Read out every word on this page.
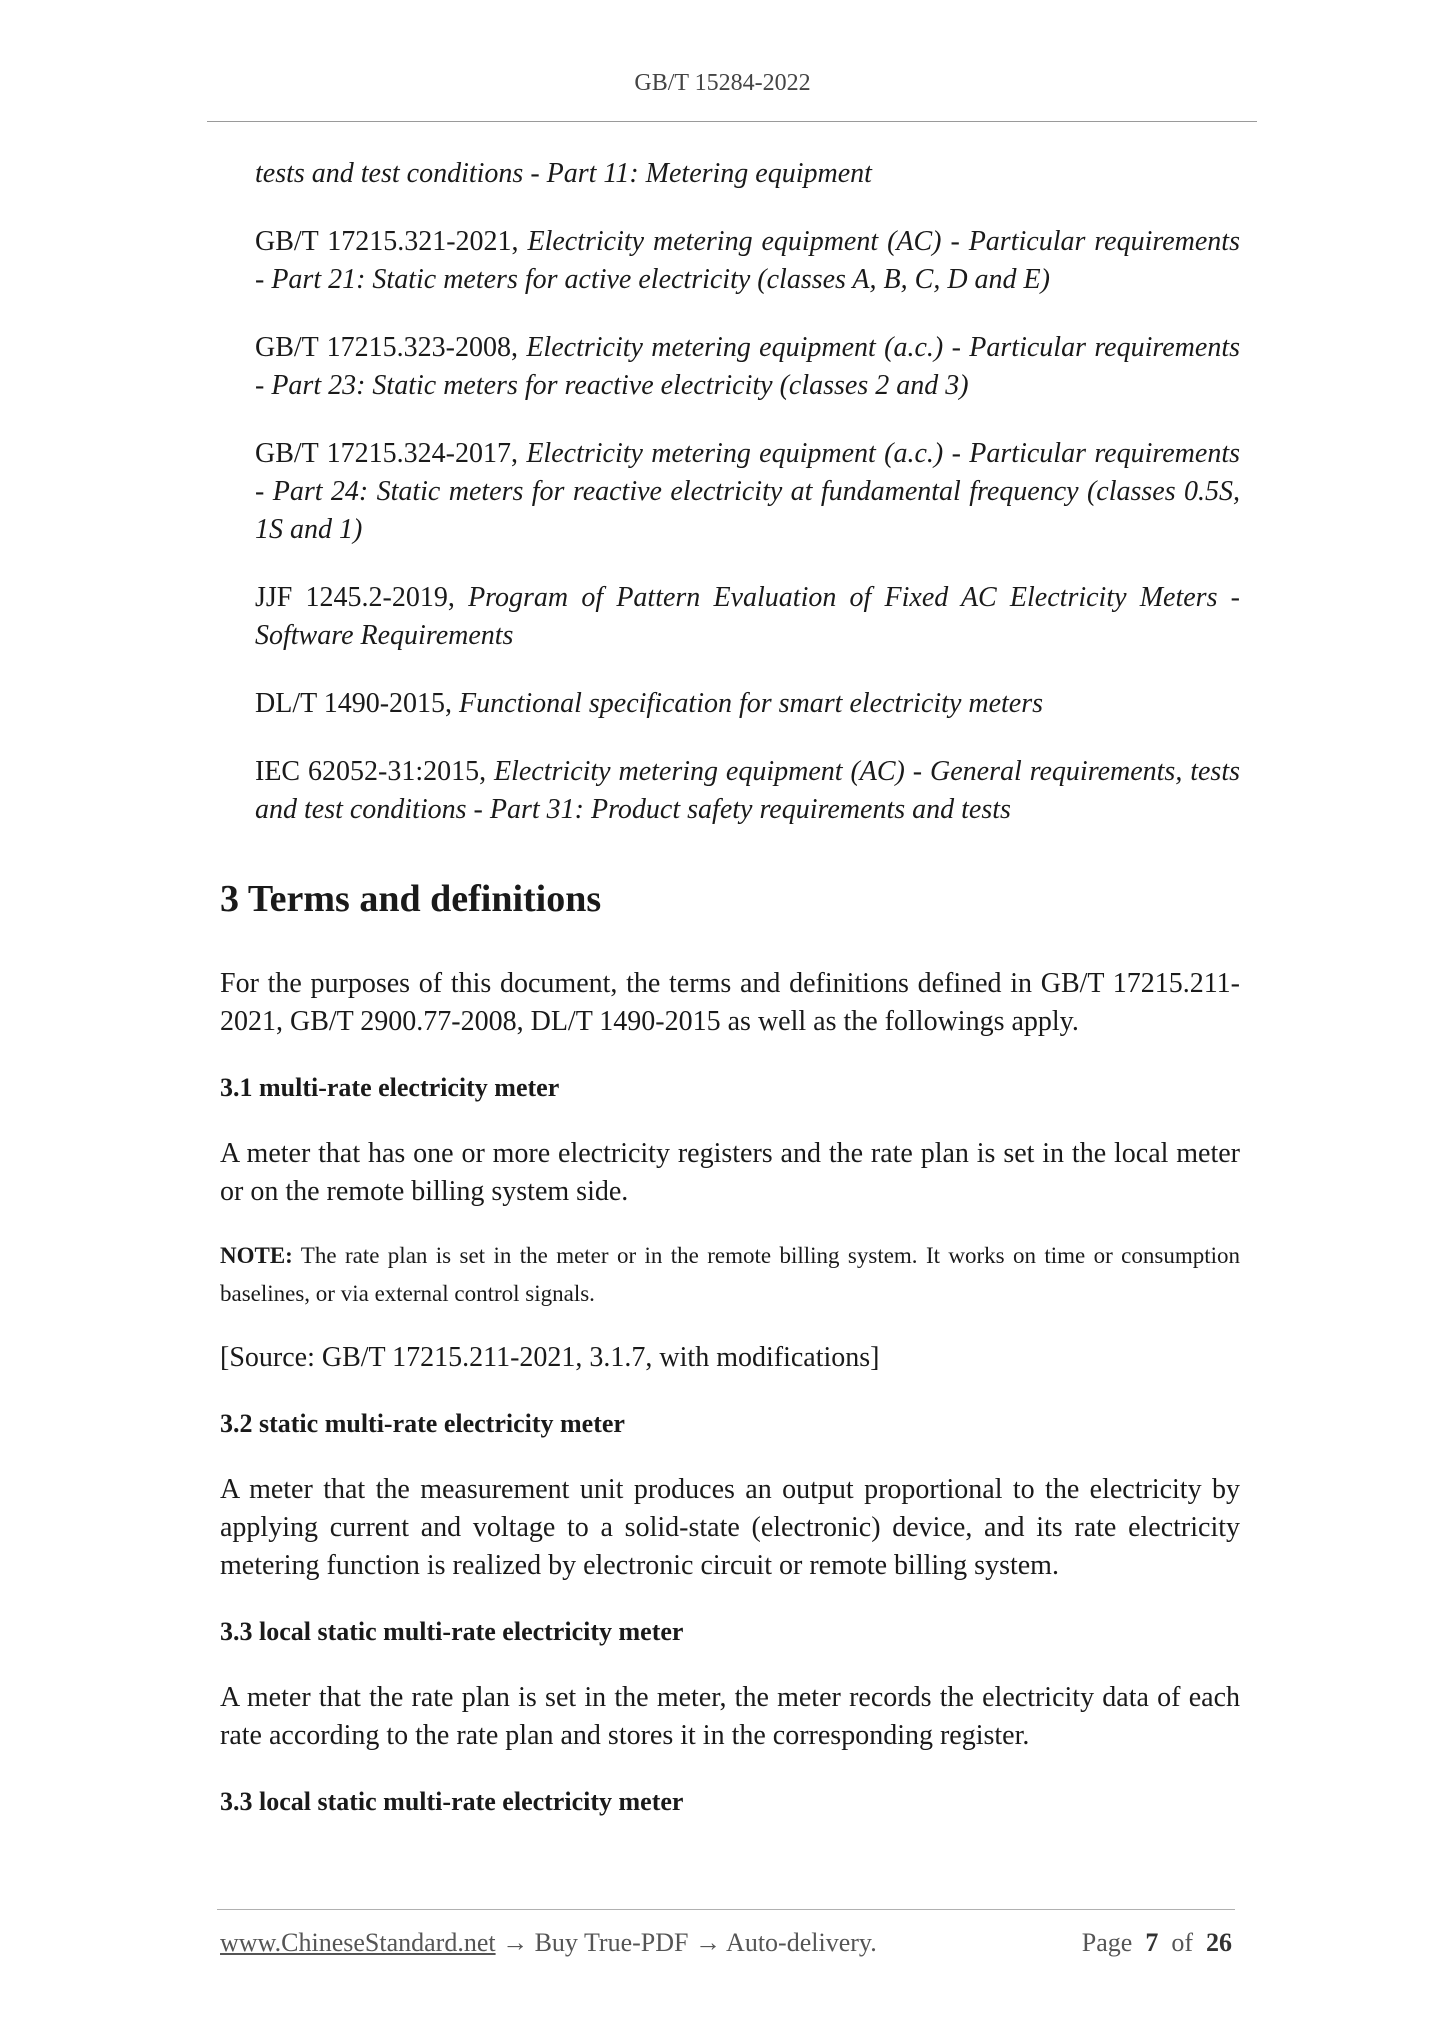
GB/T 15284-2022

tests and test conditions - Part 11: Metering equipment

GB/T 17215.321-2021, Electricity metering equipment (AC) - Particular requirements - Part 21: Static meters for active electricity (classes A, B, C, D and E)

GB/T 17215.323-2008, Electricity metering equipment (a.c.) - Particular requirements - Part 23: Static meters for reactive electricity (classes 2 and 3)

GB/T 17215.324-2017, Electricity metering equipment (a.c.) - Particular requirements - Part 24: Static meters for reactive electricity at fundamental frequency (classes 0.5S, 1S and 1)

JJF 1245.2-2019, Program of Pattern Evaluation of Fixed AC Electricity Meters - Software Requirements

DL/T 1490-2015, Functional specification for smart electricity meters

IEC 62052-31:2015, Electricity metering equipment (AC) - General requirements, tests and test conditions - Part 31: Product safety requirements and tests

3 Terms and definitions

For the purposes of this document, the terms and definitions defined in GB/T 17215.211-2021, GB/T 2900.77-2008, DL/T 1490-2015 as well as the followings apply.

3.1 multi-rate electricity meter

A meter that has one or more electricity registers and the rate plan is set in the local meter or on the remote billing system side.

NOTE: The rate plan is set in the meter or in the remote billing system. It works on time or consumption baselines, or via external control signals.

[Source: GB/T 17215.211-2021, 3.1.7, with modifications]

3.2 static multi-rate electricity meter

A meter that the measurement unit produces an output proportional to the electricity by applying current and voltage to a solid-state (electronic) device, and its rate electricity metering function is realized by electronic circuit or remote billing system.

3.3 local static multi-rate electricity meter

A meter that the rate plan is set in the meter, the meter records the electricity data of each rate according to the rate plan and stores it in the corresponding register.

3.3 local static multi-rate electricity meter
www.ChineseStandard.net → Buy True-PDF → Auto-delivery.	Page 7 of 26
